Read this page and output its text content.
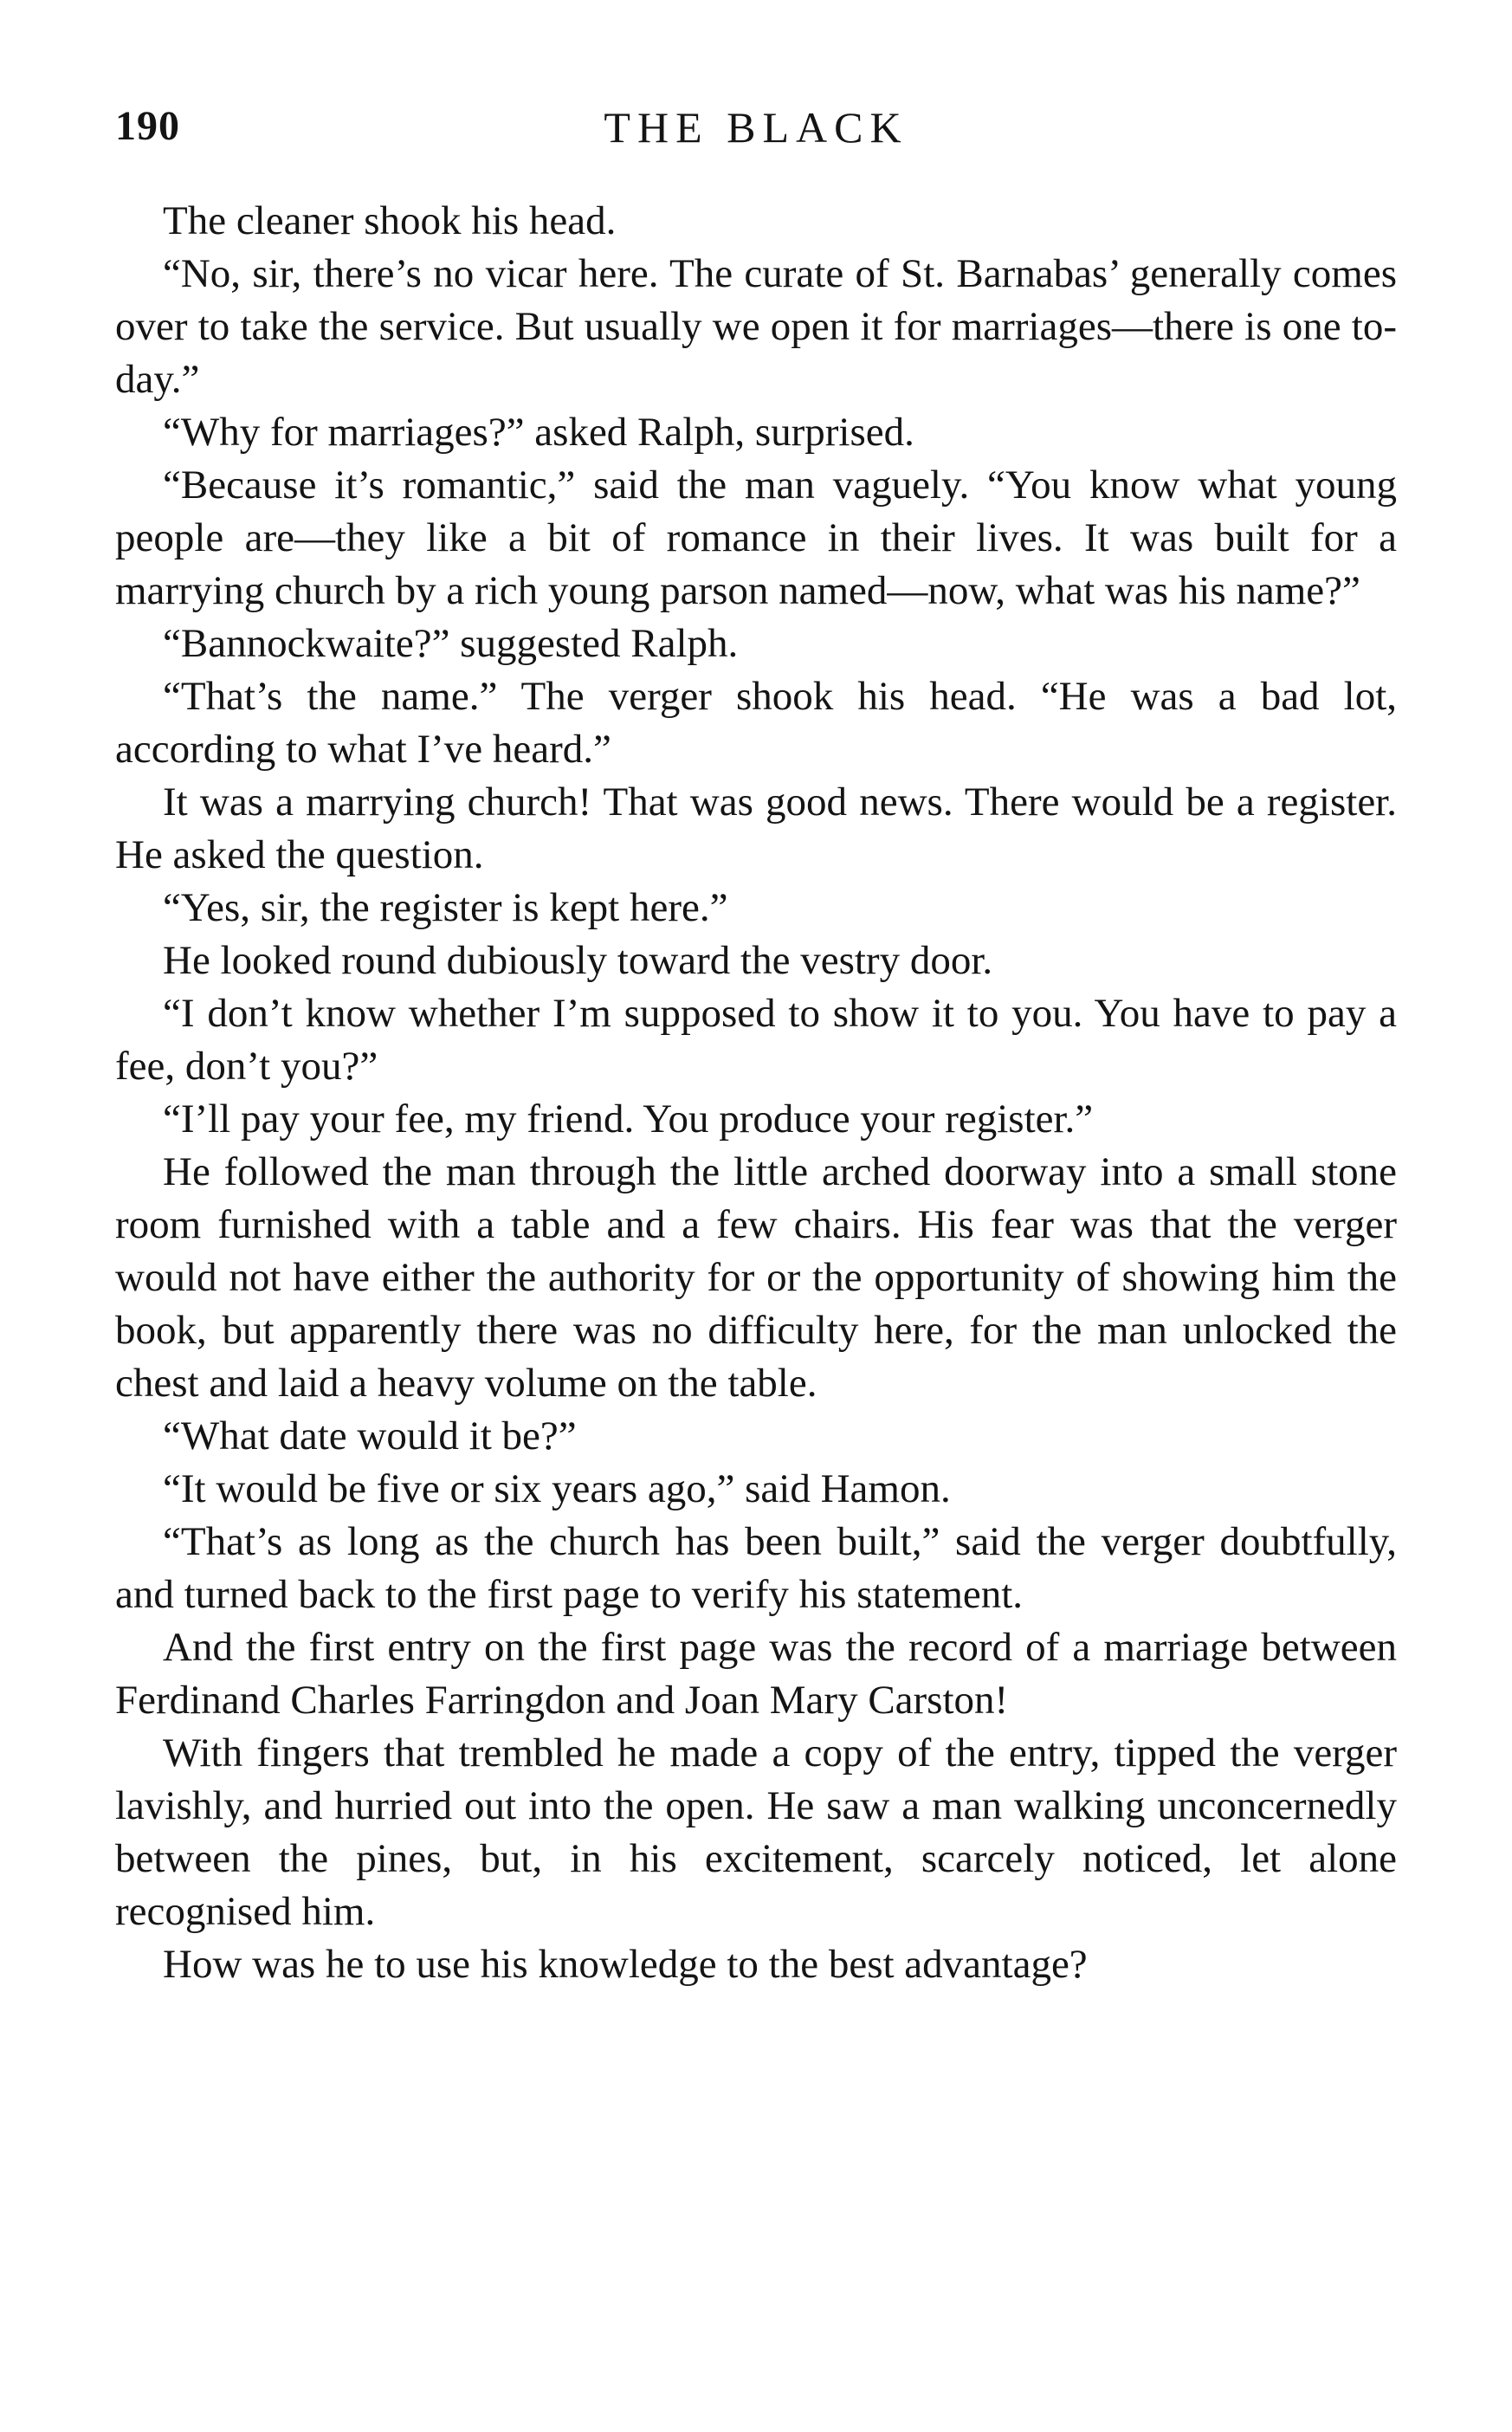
190	THE BLACK

The cleaner shook his head.

“No, sir, there’s no vicar here. The curate of St. Barnabas’ generally comes over to take the service. But usually we open it for marriages—there is one to-day.”

“Why for marriages?” asked Ralph, surprised.

“Because it’s romantic,” said the man vaguely. “You know what young people are—they like a bit of romance in their lives. It was built for a marrying church by a rich young parson named—now, what was his name?”

“Bannockwaite?” suggested Ralph.

“That’s the name.” The verger shook his head. “He was a bad lot, according to what I’ve heard.”

It was a marrying church! That was good news. There would be a register. He asked the question.

“Yes, sir, the register is kept here.”

He looked round dubiously toward the vestry door.

“I don’t know whether I’m supposed to show it to you. You have to pay a fee, don’t you?”

“I’ll pay your fee, my friend. You produce your register.”

He followed the man through the little arched doorway into a small stone room furnished with a table and a few chairs. His fear was that the verger would not have either the authority for or the opportunity of showing him the book, but apparently there was no difficulty here, for the man unlocked the chest and laid a heavy volume on the table.

“What date would it be?”

“It would be five or six years ago,” said Hamon.

“That’s as long as the church has been built,” said the verger doubtfully, and turned back to the first page to verify his statement.

And the first entry on the first page was the record of a marriage between Ferdinand Charles Farringdon and Joan Mary Carston!

With fingers that trembled he made a copy of the entry, tipped the verger lavishly, and hurried out into the open. He saw a man walking unconcernedly between the pines, but, in his excitement, scarcely noticed, let alone recognised him.

How was he to use his knowledge to the best advantage?
